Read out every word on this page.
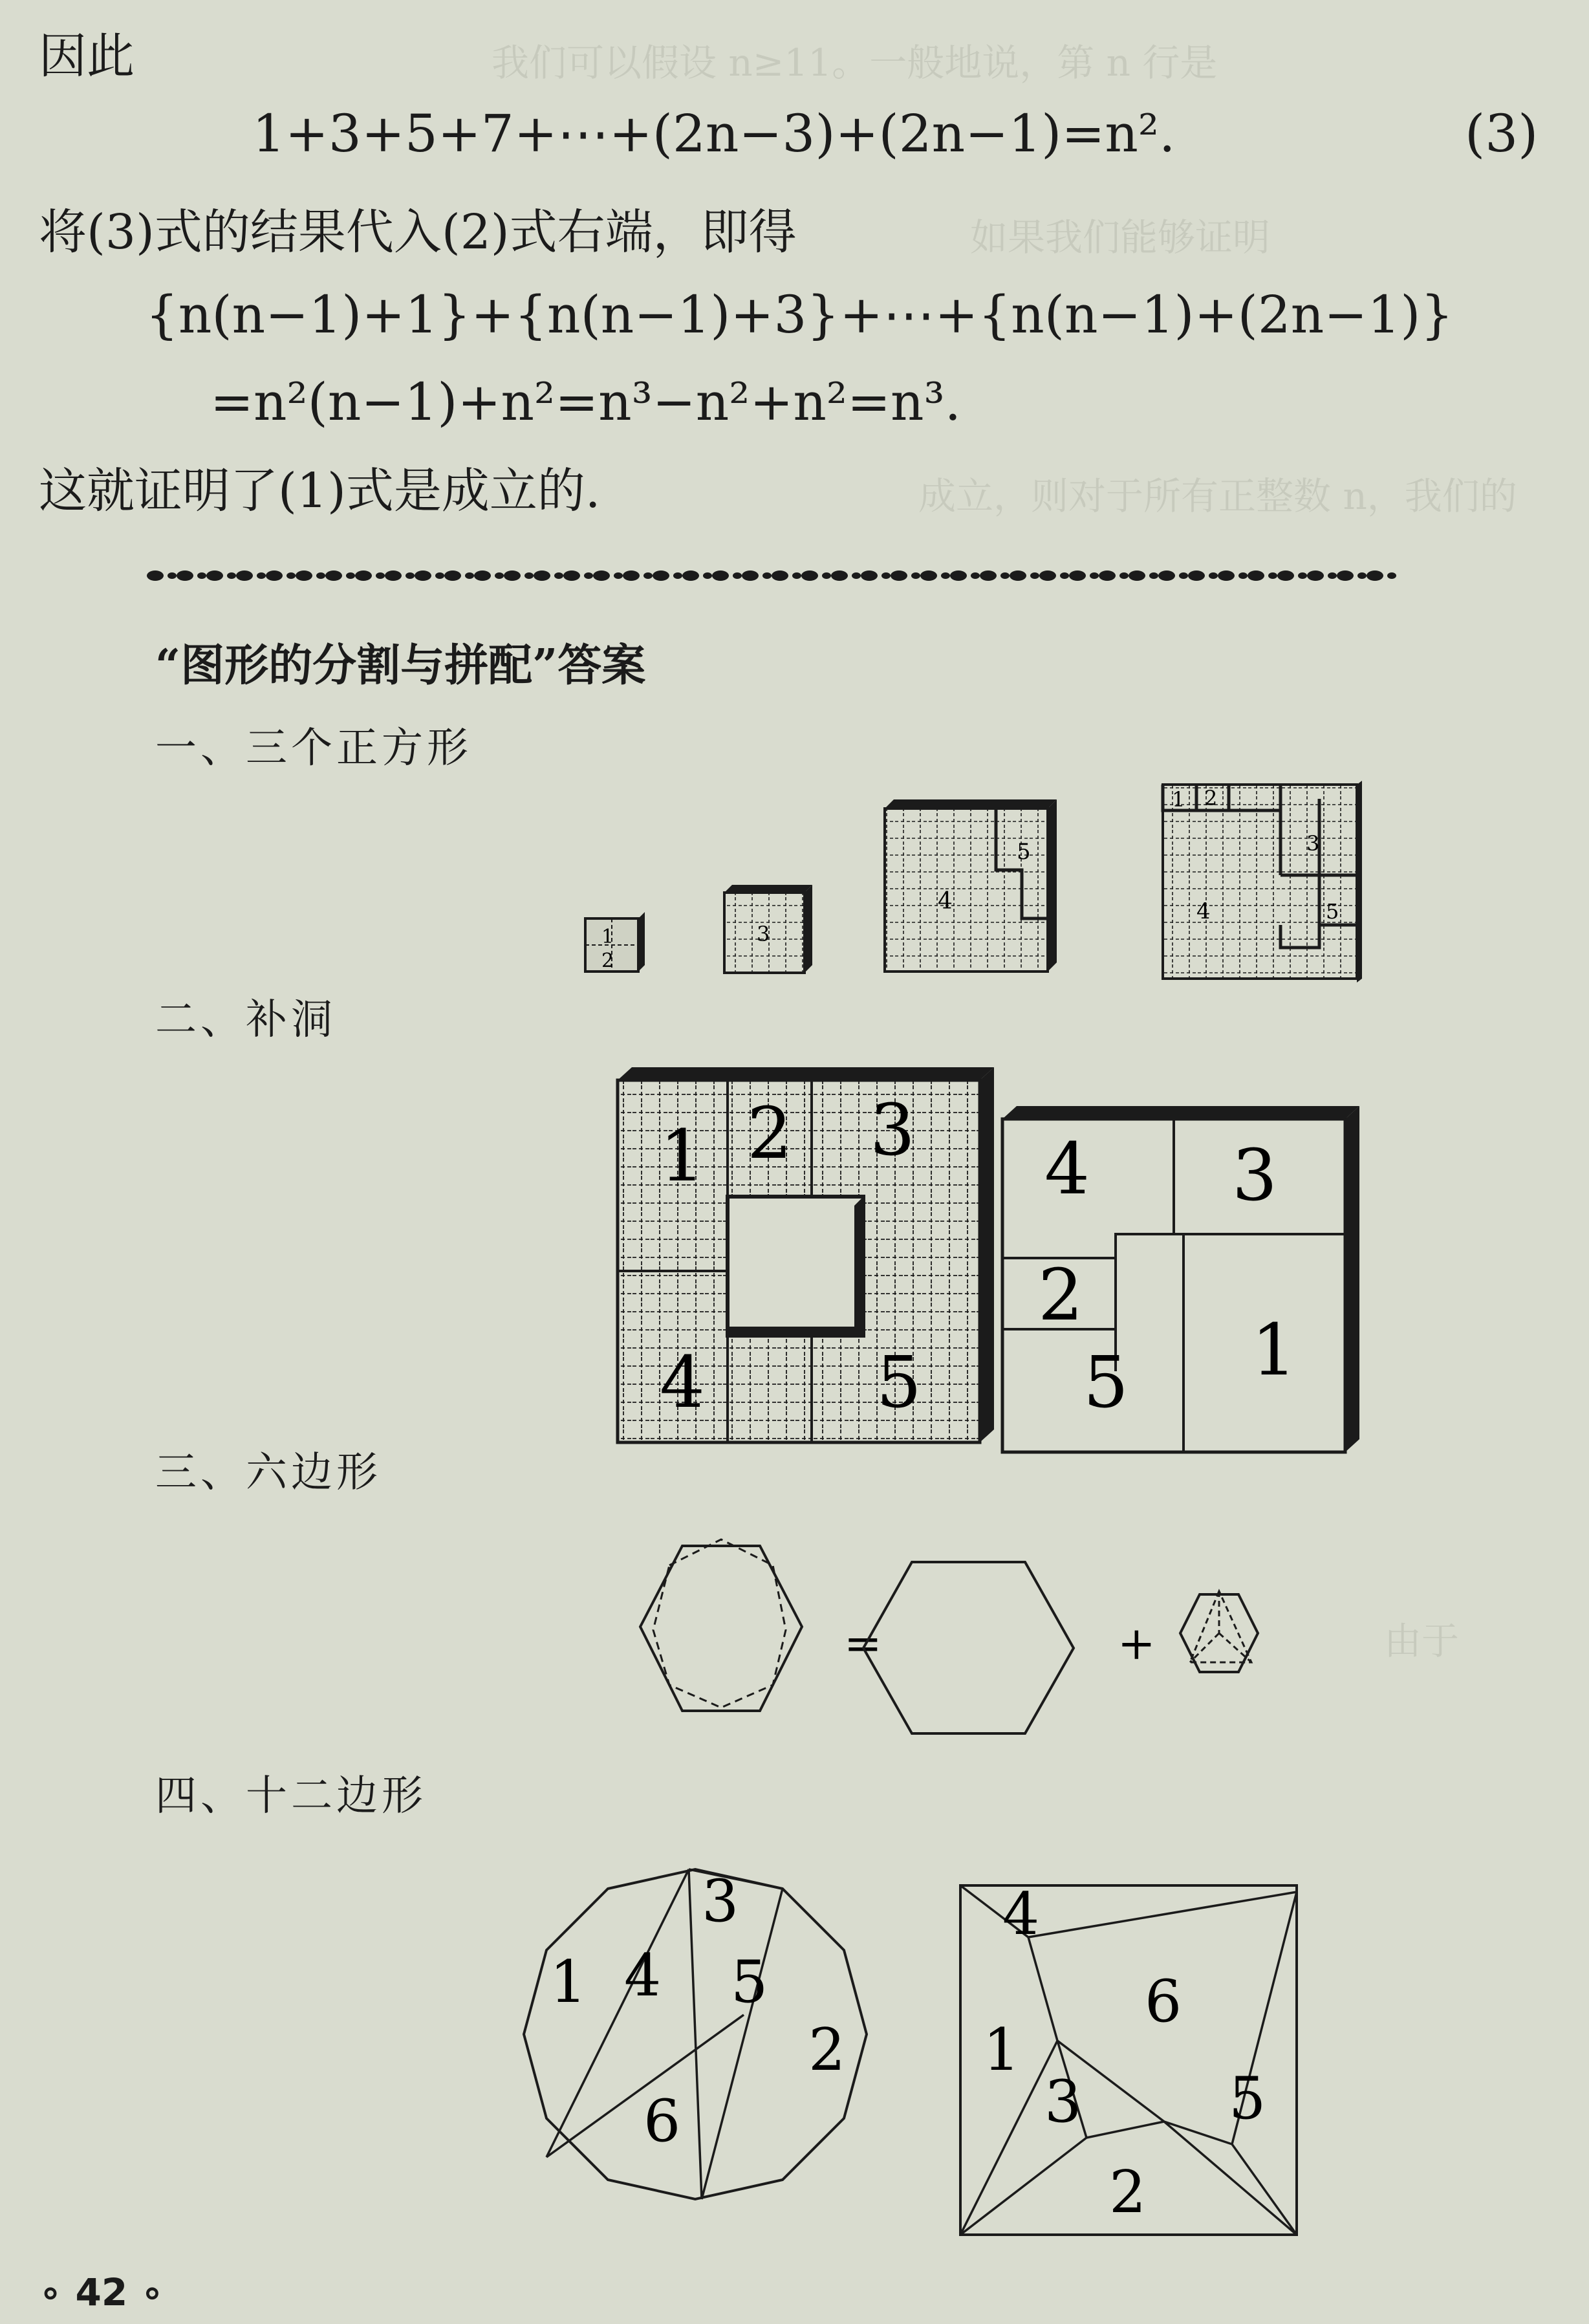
我们可以假设 n≥11。一般地说，第 n 行是
如果我们能够证明
成立，则对于所有正整数 n，我们的
由于
因此
1+3+5+7+⋯+(2n−3)+(2n−1)=n².	(3)
将(3)式的结果代入(2)式右端，即得
{n(n−1)+1}+{n(n−1)+3}+⋯+{n(n−1)+(2n−1)}
=n²(n−1)+n²=n³−n²+n²=n³.
这就证明了(1)式是成立的.
“图形的分割与拼配”答案
一、三个正方形
1
2
3
5
4
1 2
3
5
4
二、补洞
1 2 3
4 5
4 3
2
5 1
三、六边形
=	+
四、十二边形
1 4
3
5
2
6
4
1
6
3	5
2
∘ 42 ∘
